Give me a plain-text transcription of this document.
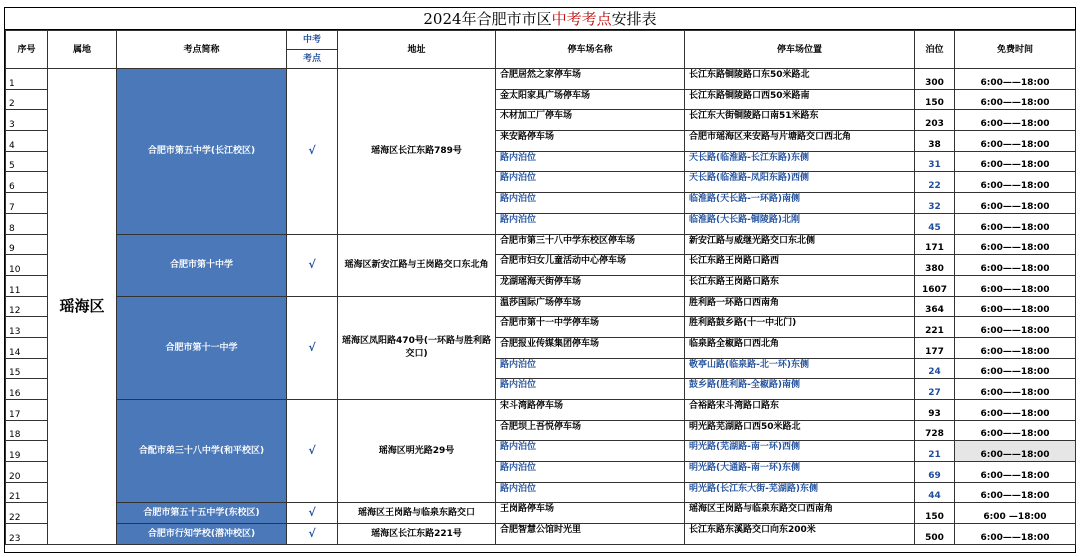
2024年合肥市市区中考考点安排表
序号	属地	考点简称	中考	地址	停车场名称	停车场位置	泊位	免费时间
			考点					
1	瑶海区	合肥市第五中学(长江校区)	√	瑶海区长江东路789号	合肥居然之家停车场	长江东路铜陵路口东50米路北	300	6:00——18:00
2					金太阳家具广场停车场	长江东路铜陵路口西50米路南	150	6:00——18:00
3					木材加工厂停车场	长江东大街铜陵路口南51米路东	203	6:00——18:00
4					来安路停车场	合肥市瑶海区来安路与片塘路交口西北角	38	6:00——18:00
5					路内泊位	天长路(临淮路-长江东路)东侧	31	6:00——18:00
6					路内泊位	天长路(临淮路-凤阳东路)西侧	22	6:00——18:00
7					路内泊位	临淮路(天长路-一环路)南侧	32	6:00——18:00
8					路内泊位	临淮路(大长路-铜陵路)北刚	45	6:00——18:00
9		合肥市第十中学	√	瑶海区新安江路与王岗路交口东北角	合肥市第三十八中学东校区停车场	新安江路与威继光路交口东北侧	171	6:00——18:00
10					合肥市妇女儿童活动中心停车场	长江东路王岗路口路西	380	6:00——18:00
11					龙湖瑶海天街停车场	长江东路王岗路口路东	1607	6:00——18:00
12		合肥市第十一中学	√	瑶海区凤阳路470号(一环路与胜利路交口)	温莎国际广场停车场	胜利路一环路口西南角	364	6:00——18:00
13					合肥市第十一中学停车场	胜利路鼓乡路(十一中北门)	221	6:00——18:00
14					合肥报业传媒集团停车场	临泉路全椒路口西北角	177	6:00——18:00
15					路内泊位	敬亭山路(临泉路-北一环)东侧	24	6:00——18:00
16					路内泊位	鼓乡路(胜利路-全椒路)南侧	27	6:00——18:00
17		合配市弟三十八中学(和平校区)	√	瑶海区明光路29号	宋斗湾路停车场	合裕路宋斗湾路口路东	93	6:00——18:00
18					合肥坝上吾悦停车场	明光路芜湖路口西50米路北	728	6:00——18:00
19					路内泊位	明光路(芜湖路-南一环)西侧	21	6:00——18:00
20					路内泊位	明光路(大通路-南一环)东侧	69	6:00——18:00
21					路内泊位	明光路(长江东大街-芜湖路)东侧	44	6:00——18:00
22		合肥市第五十五中学(东校区)	√	瑶海区王岗路与临泉东路交口	王岗路停车场	瑶海区王岗路与临泉东路交口西南角	150	6:00 —18:00
23		合肥市行知学校(潜冲校区)	√	瑶海区长江东路221号	合肥智慧公馆时光里	长江东路东溪路交口向东200米	500	6:00——18:00
